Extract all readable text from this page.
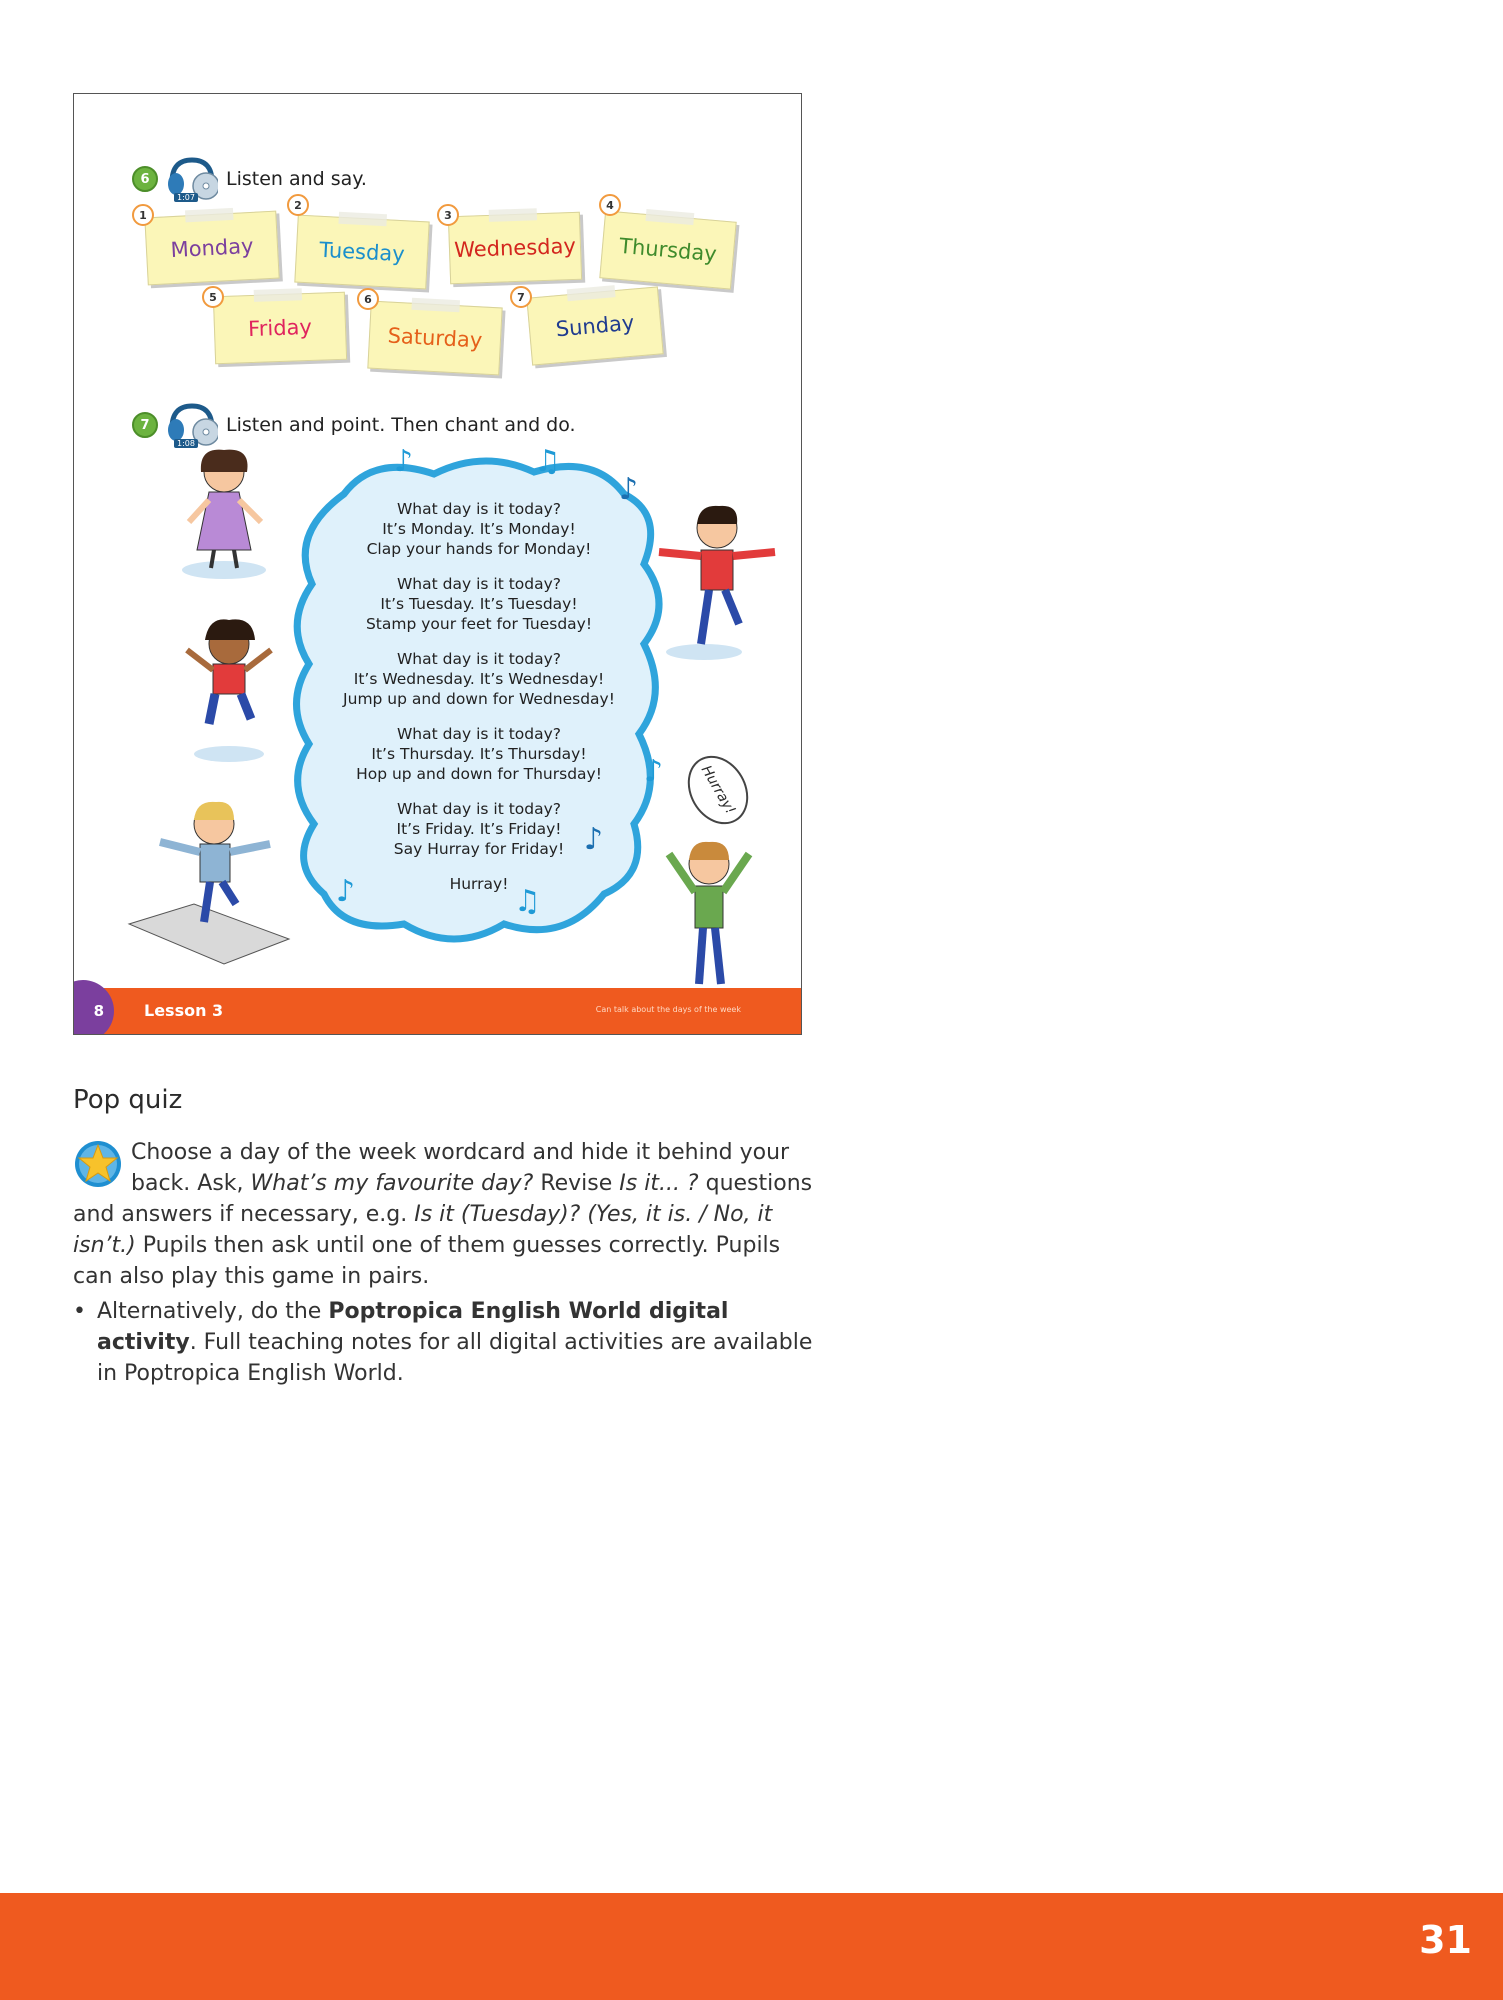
6
1:07
Listen and say.
Monday
1
Tuesday
2
Wednesday
3
Thursday
4
Friday
5
Saturday
6
Sunday
7
7
1:08
Listen and point. Then chant and do.
What day is it today?
It’s Monday. It’s Monday!
Clap your hands for Monday!
What day is it today?
It’s Tuesday. It’s Tuesday!
Stamp your feet for Tuesday!
What day is it today?
It’s Wednesday. It’s Wednesday!
Jump up and down for Wednesday!
What day is it today?
It’s Thursday. It’s Thursday!
Hop up and down for Thursday!
What day is it today?
It’s Friday. It’s Friday!
Say Hurray for Friday!
Hurray!
♪	♫
♪
♪
♪	♫
♪
Hurray!
8	Lesson 3	Can talk about the days of the week
Pop quiz

Choose a day of the week wordcard and hide it behind your back. Ask, What’s my favourite day? Revise Is it... ? questions and answers if necessary, e.g. Is it (Tuesday)? (Yes, it is. / No, it isn’t.) Pupils then ask until one of them guesses correctly. Pupils can also play this game in pairs.

• Alternatively, do the Poptropica English World digital activity. Full teaching notes for all digital activities are available in Poptropica English World.
31
